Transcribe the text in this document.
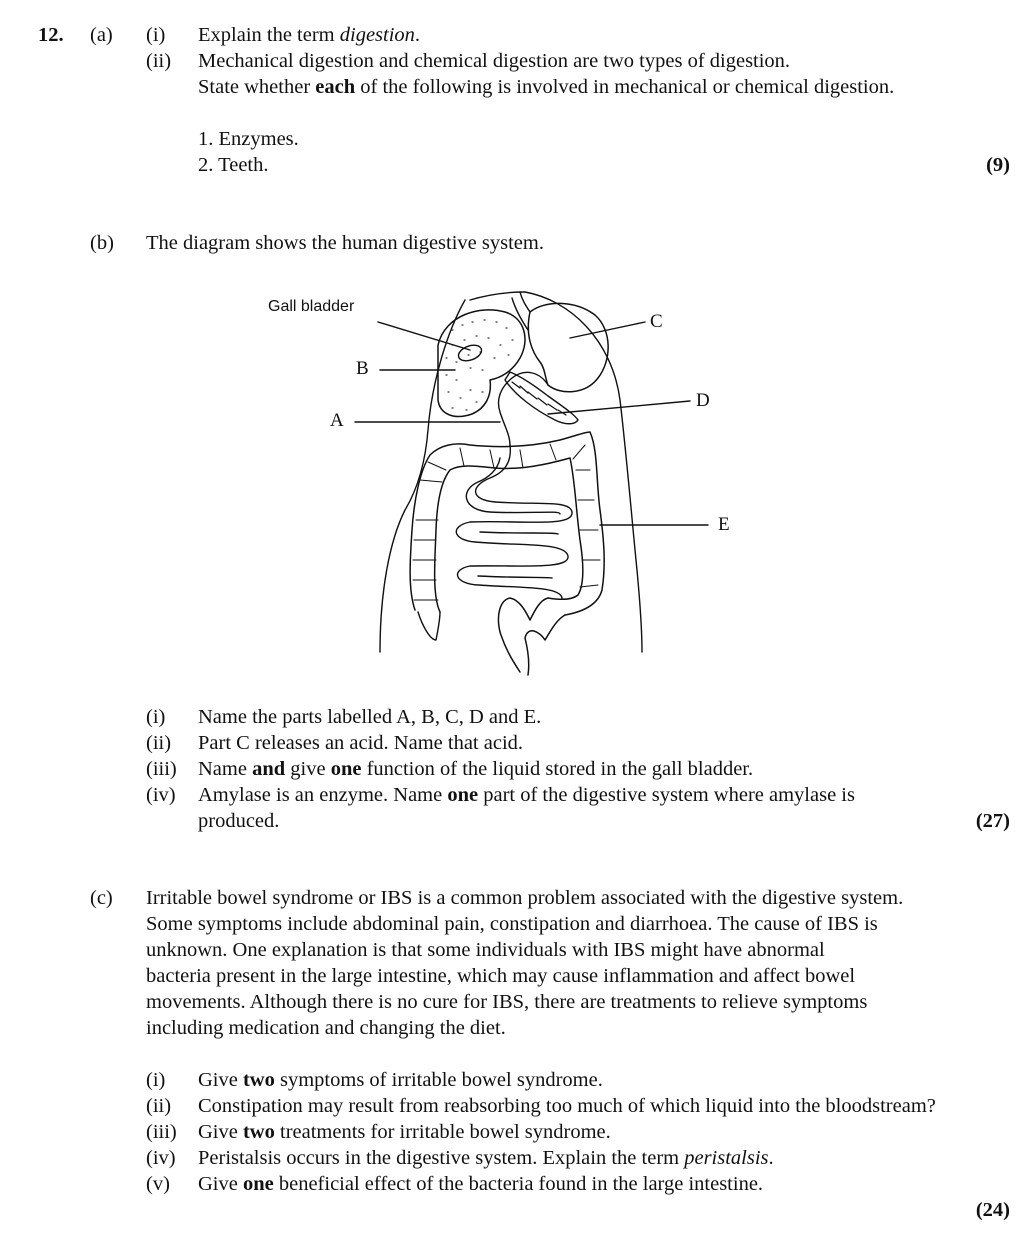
12. (a) (i) Explain the term digestion.
(ii) Mechanical digestion and chemical digestion are two types of digestion.
State whether each of the following is involved in mechanical or chemical digestion.
1. Enzymes.
2. Teeth.	(9)
(b) The diagram shows the human digestive system.
Gall bladder
B
A
C
D
E
(i) Name the parts labelled A, B, C, D and E.
(ii) Part C releases an acid. Name that acid.
(iii) Name and give one function of the liquid stored in the gall bladder.
(iv) Amylase is an enzyme. Name one part of the digestive system where amylase is
produced.	(27)
(c) Irritable bowel syndrome or IBS is a common problem associated with the digestive system.
Some symptoms include abdominal pain, constipation and diarrhoea. The cause of IBS is
unknown. One explanation is that some individuals with IBS might have abnormal
bacteria present in the large intestine, which may cause inflammation and affect bowel
movements. Although there is no cure for IBS, there are treatments to relieve symptoms
including medication and changing the diet.
(i) Give two symptoms of irritable bowel syndrome.
(ii) Constipation may result from reabsorbing too much of which liquid into the bloodstream?
(iii) Give two treatments for irritable bowel syndrome.
(iv) Peristalsis occurs in the digestive system. Explain the term peristalsis.
(v) Give one beneficial effect of the bacteria found in the large intestine.
(24)
